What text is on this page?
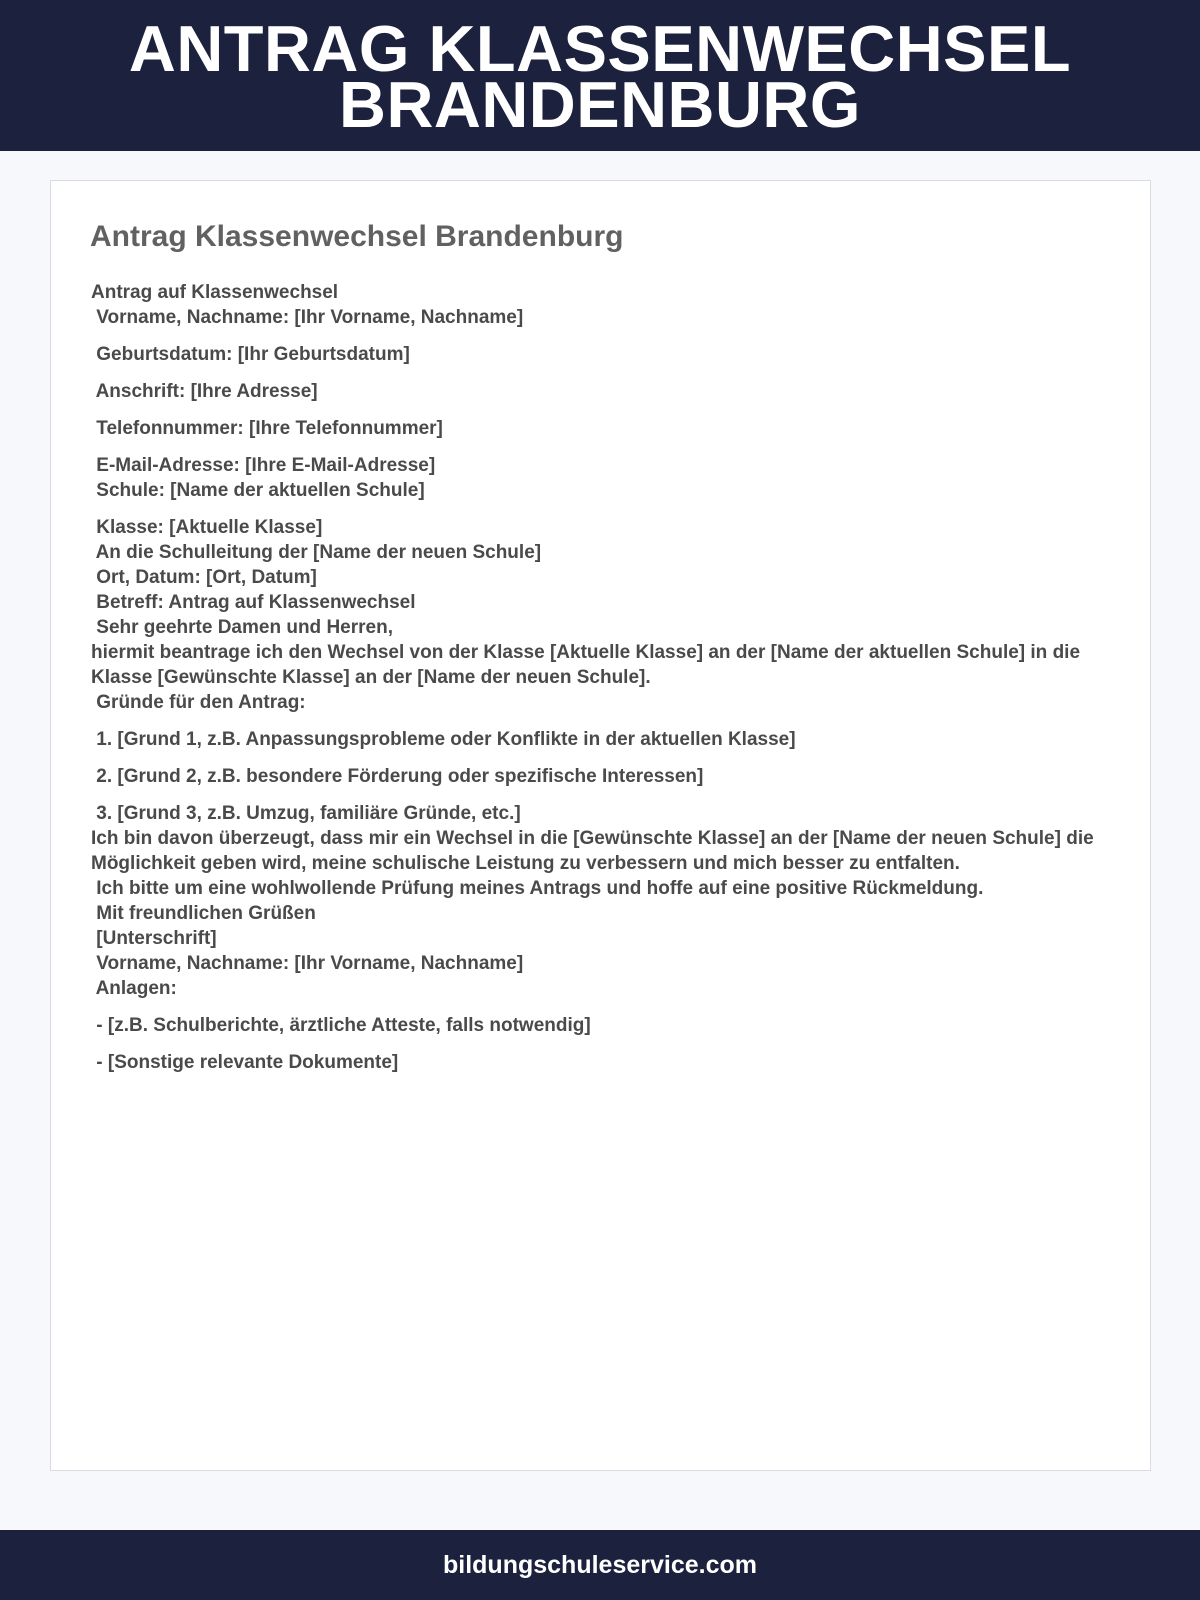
ANTRAG KLASSENWECHSEL
BRANDENBURG
Antrag Klassenwechsel Brandenburg
Antrag auf Klassenwechsel
Vorname, Nachname: [Ihr Vorname, Nachname]
Geburtsdatum: [Ihr Geburtsdatum]
Anschrift: [Ihre Adresse]
Telefonnummer: [Ihre Telefonnummer]
E-Mail-Adresse: [Ihre E-Mail-Adresse]
Schule: [Name der aktuellen Schule]
Klasse: [Aktuelle Klasse]
An die Schulleitung der [Name der neuen Schule]
Ort, Datum: [Ort, Datum]
Betreff: Antrag auf Klassenwechsel
Sehr geehrte Damen und Herren,
hiermit beantrage ich den Wechsel von der Klasse [Aktuelle Klasse] an der [Name der aktuellen Schule] in die Klasse [Gewünschte Klasse] an der [Name der neuen Schule].
Gründe für den Antrag:
1. [Grund 1, z.B. Anpassungsprobleme oder Konflikte in der aktuellen Klasse]
2. [Grund 2, z.B. besondere Förderung oder spezifische Interessen]
3. [Grund 3, z.B. Umzug, familiäre Gründe, etc.]
Ich bin davon überzeugt, dass mir ein Wechsel in die [Gewünschte Klasse] an der [Name der neuen Schule] die Möglichkeit geben wird, meine schulische Leistung zu verbessern und mich besser zu entfalten.
Ich bitte um eine wohlwollende Prüfung meines Antrags und hoffe auf eine positive Rückmeldung.
Mit freundlichen Grüßen
[Unterschrift]
Vorname, Nachname: [Ihr Vorname, Nachname]
Anlagen:
- [z.B. Schulberichte, ärztliche Atteste, falls notwendig]
- [Sonstige relevante Dokumente]
bildungschuleservice.com
